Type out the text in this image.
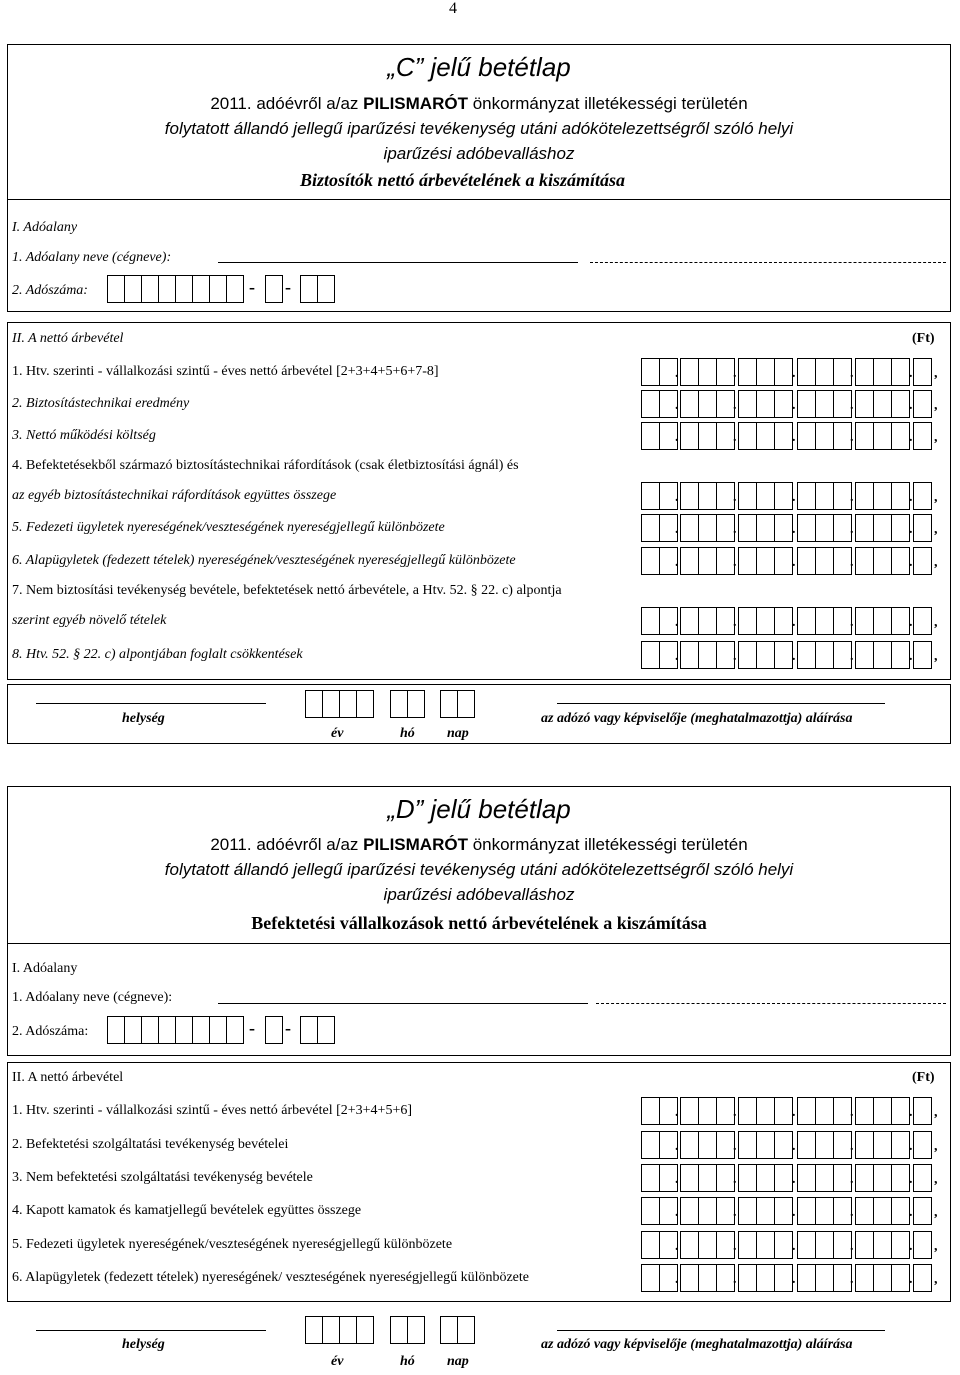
4
„C” jelű betétlap
2011. adóévről a/az PILISMARÓT önkormányzat illetékességi területén
folytatott állandó jellegű iparűzési tevékenység utáni adókötelezettségről szóló helyi
iparűzési adóbevalláshoz
Biztosítók nettó árbevételének a kiszámítása
I. Adóalany
1. Adóalany neve (cégneve):
2. Adószáma:	- -
II. A nettó árbevétel	(Ft)
1. Htv. szerinti - vállalkozási szintű - éves nettó árbevétel [2+3+4+5+6+7-8]	.	.	.	.	. ,
2. Biztosítástechnikai eredmény	.	.	.	.	. ,
3. Nettó működési költség	.	.	.	.	. ,
4. Befektetésekből származó biztosítástechnikai ráfordítások (csak életbiztosítási ágnál) és
az egyéb biztosítástechnikai ráfordítások együttes összege	.	.	.	.	. ,
5. Fedezeti ügyletek nyereségének/veszteségének nyereségjellegű különbözete	.	.	.	.	. ,
6. Alapügyletek (fedezett tételek) nyereségének/veszteségének nyereségjellegű különbözete	.	.	.	.	. ,
7. Nem biztosítási tevékenység bevétele, befektetések nettó árbevétele, a Htv. 52. § 22. c) alpontja
szerint egyéb növelő tételek	.	.	.	.	. ,
8. Htv. 52. § 22. c) alpontjában foglalt csökkentések	.	.	.	.	. ,
helység
év	hó nap
az adózó vagy képviselője (meghatalmazottja) aláírása
„D” jelű betétlap
2011. adóévről a/az PILISMARÓT önkormányzat illetékességi területén
folytatott állandó jellegű iparűzési tevékenység utáni adókötelezettségről szóló helyi
iparűzési adóbevalláshoz
Befektetési vállalkozások nettó árbevételének a kiszámítása
I. Adóalany
1. Adóalany neve (cégneve):
2. Adószáma:	- -
II. A nettó árbevétel	(Ft)
1. Htv. szerinti - vállalkozási szintű - éves nettó árbevétel [2+3+4+5+6]	.	.	.	.	. ,
2. Befektetési szolgáltatási tevékenység bevételei	.	.	.	.	. ,
3. Nem befektetési szolgáltatási tevékenység bevétele	.	.	.	.	. ,
4. Kapott kamatok és kamatjellegű bevételek együttes összege	.	.	.	.	. ,
5. Fedezeti ügyletek nyereségének/veszteségének nyereségjellegű különbözete	.	.	.	.	. ,
6. Alapügyletek (fedezett tételek) nyereségének/ veszteségének nyereségjellegű különbözete	.	.	.	.	. ,
helység
év	hó nap
az adózó vagy képviselője (meghatalmazottja) aláírása
